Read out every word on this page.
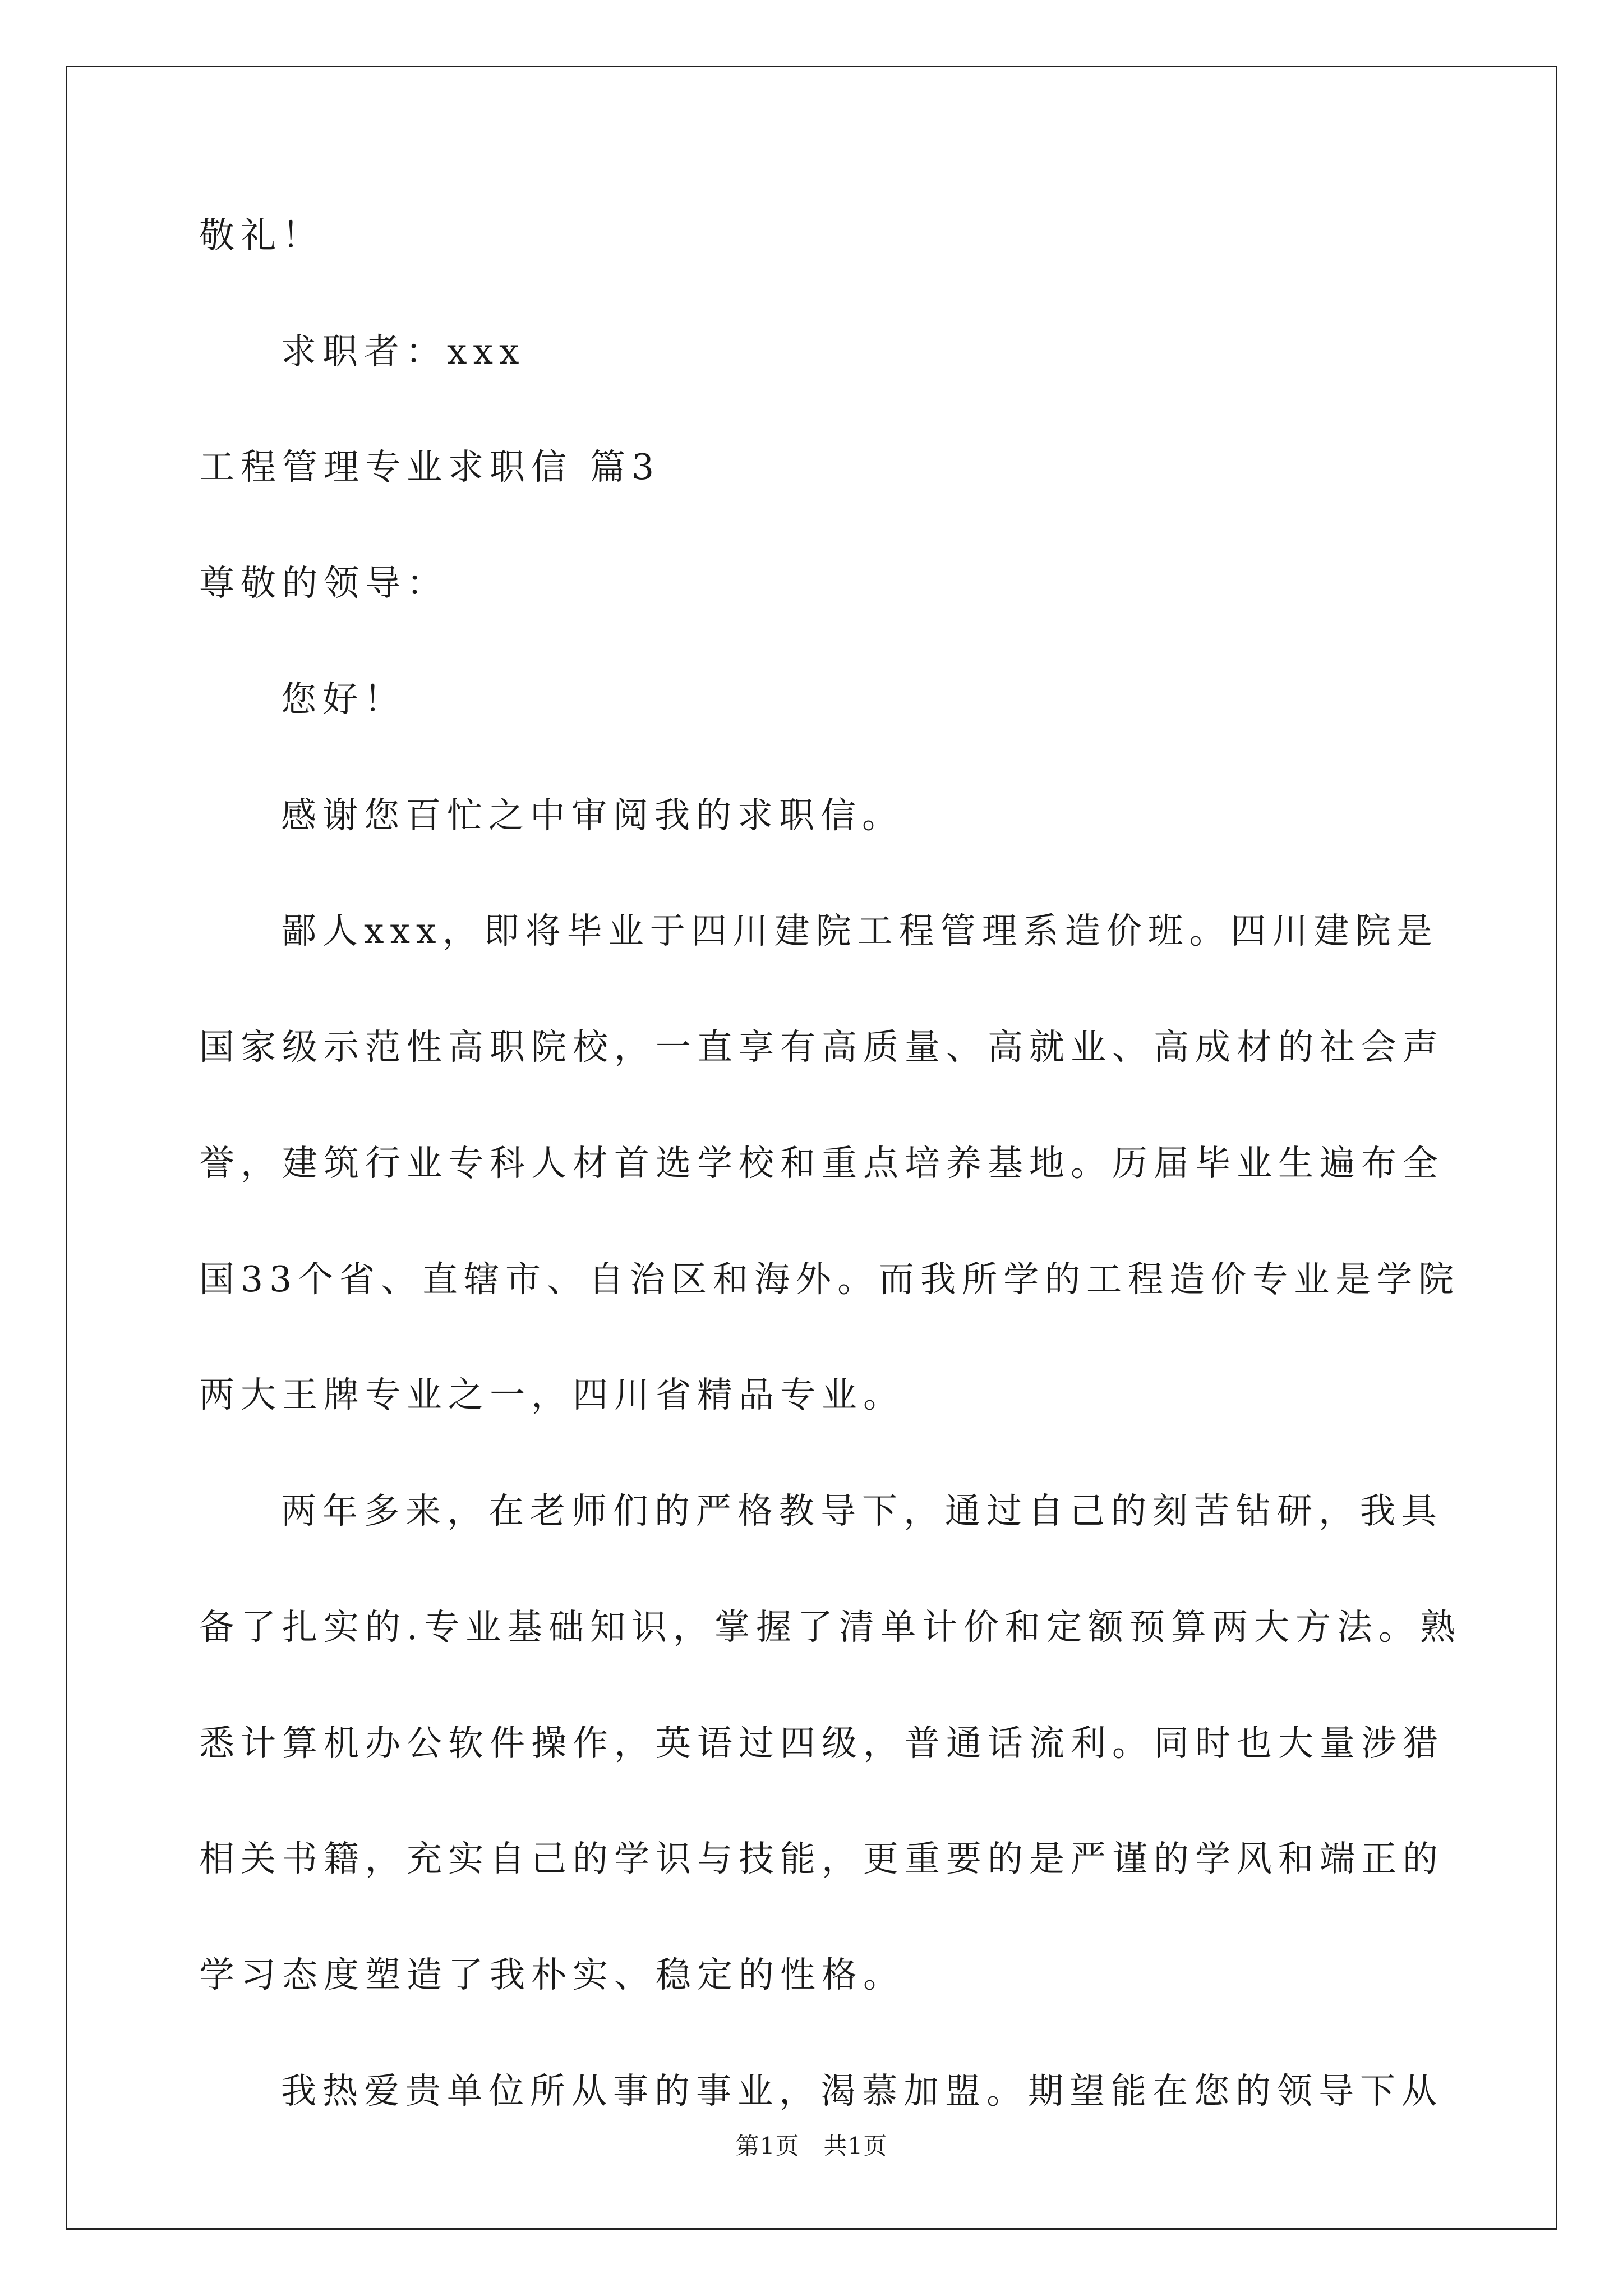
敬礼！
求职者：xxx
工程管理专业求职信 篇3
尊敬的领导：
您好！
感谢您百忙之中审阅我的求职信。
鄙人xxx，即将毕业于四川建院工程管理系造价班。四川建院是
国家级示范性高职院校，一直享有高质量、高就业、高成材的社会声
誉，建筑行业专科人材首选学校和重点培养基地。历届毕业生遍布全
国33个省、直辖市、自治区和海外。而我所学的工程造价专业是学院
两大王牌专业之一，四川省精品专业。
两年多来，在老师们的严格教导下，通过自己的刻苦钻研，我具
备了扎实的.专业基础知识，掌握了清单计价和定额预算两大方法。熟
悉计算机办公软件操作，英语过四级，普通话流利。同时也大量涉猎
相关书籍，充实自己的学识与技能，更重要的是严谨的学风和端正的
学习态度塑造了我朴实、稳定的性格。
我热爱贵单位所从事的事业，渴慕加盟。期望能在您的领导下从
第1页　共1页
